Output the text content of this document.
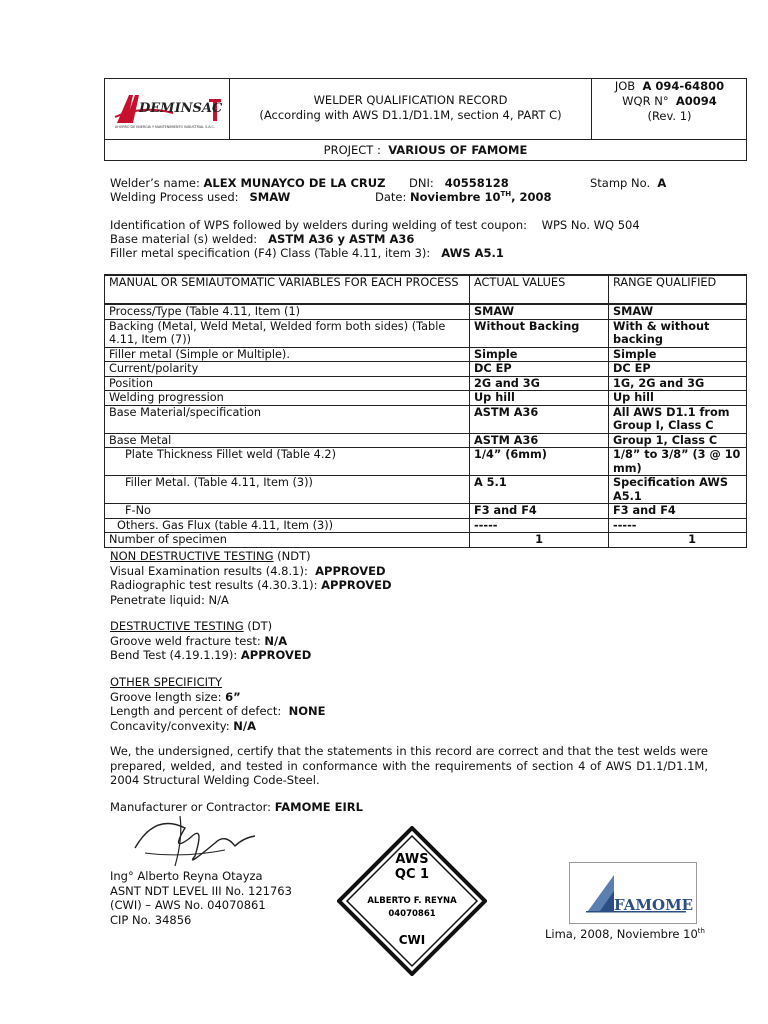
DEMINSAC
AHORRO DE ENERGIA Y MANTENIMIENTO INDUSTRIAL S.A.C.
WELDER QUALIFICATION RECORD
(According with AWS D1.1/D1.1M, section 4, PART C)
JOB A 094-64800
WQR N° A0094
(Rev. 1)
PROJECT : VARIOUS OF FAMOME
Welder’s name: ALEX MUNAYCO DE LA CRUZ DNI: 40558128	Stamp No. A
Welding Process used: SMAW	Date: Noviembre 10TH, 2008
Identification of WPS followed by welders during welding of test coupon: WPS No. WQ 504
Base material (s) welded: ASTM A36 y ASTM A36
Filler metal specification (F4) Class (Table 4.11, item 3): AWS A5.1
MANUAL OR SEMIAUTOMATIC VARIABLES FOR EACH PROCESS	ACTUAL VALUES	RANGE QUALIFIED
Process/Type (Table 4.11, Item (1)	SMAW	SMAW
Backing (Metal, Weld Metal, Welded form both sides) (Table 4.11, Item (7))	Without Backing	With & without backing
Filler metal (Simple or Multiple).	Simple	Simple
Current/polarity	DC EP	DC EP
Position	2G and 3G	1G, 2G and 3G
Welding progression	Up hill	Up hill
Base Material/specification	ASTM A36	All AWS D1.1 from Group I, Class C
Base Metal	ASTM A36	Group 1, Class C
Plate Thickness Fillet weld (Table 4.2)	1/4” (6mm)	1/8” to 3/8” (3 @ 10 mm)
Filler Metal. (Table 4.11, Item (3))	A 5.1	Specification AWS A5.1
F-No	F3 and F4	F3 and F4
Others. Gas Flux (table 4.11, Item (3))	-----	-----
Number of specimen	1	1
NON DESTRUCTIVE TESTING (NDT)
Visual Examination results (4.8.1): APPROVED
Radiographic test results (4.30.3.1): APPROVED
Penetrate liquid: N/A
DESTRUCTIVE TESTING (DT)
Groove weld fracture test: N/A
Bend Test (4.19.1.19): APPROVED
OTHER SPECIFICITY
Groove length size: 6”
Length and percent of defect: NONE
Concavity/convexity: N/A
We, the undersigned, certify that the statements in this record are correct and that the test welds were prepared, welded, and tested in conformance with the requirements of section 4 of AWS D1.1/D1.1M, 2004 Structural Welding Code-Steel.
Manufacturer or Contractor: FAMOME EIRL
Ing° Alberto Reyna Otayza
ASNT NDT LEVEL III No. 121763
(CWI) – AWS No. 04070861
CIP No. 34856
AWS
QC 1
ALBERTO F. REYNA
04070861
CWI
FAMOME
Lima, 2008, Noviembre 10th
